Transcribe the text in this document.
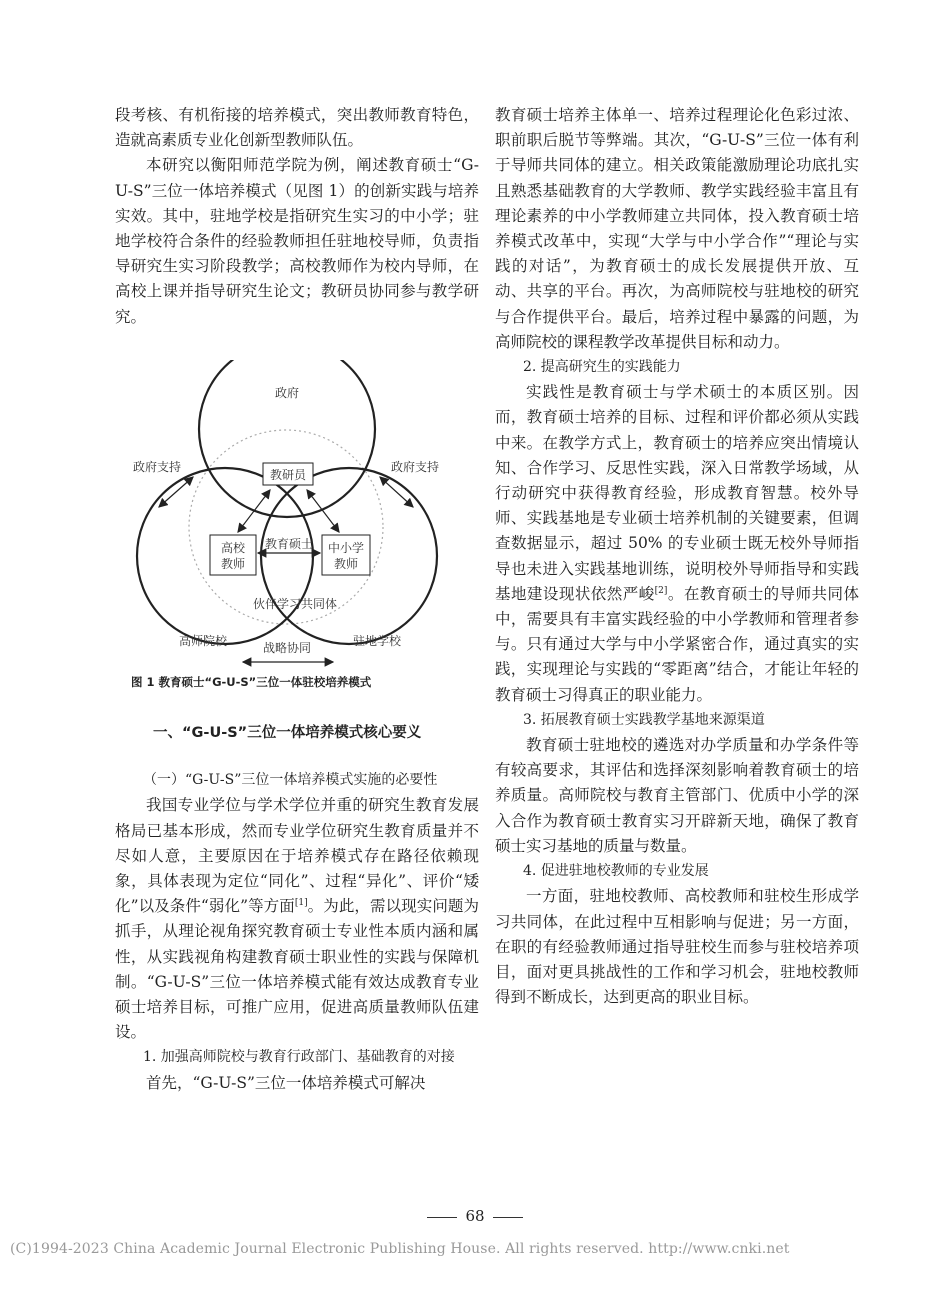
段考核、有机衔接的培养模式，突出教师教育特色，造就高素质专业化创新型教师队伍。

本研究以衡阳师范学院为例，阐述教育硕士“G-U-S”三位一体培养模式（见图 1）的创新实践与培养实效。其中，驻地学校是指研究生实习的中小学；驻地学校符合条件的经验教师担任驻地校导师，负责指导研究生实习阶段教学；高校教师作为校内导师，在高校上课并指导研究生论文；教研员协同参与教学研究。

政府
政府支持	政府支持
教研员
高校
教师
中小学
教师
教育硕士
伙伴学习共同体
高师院校	驻地学校
战略协同

图 1 教育硕士“G-U-S”三位一体驻校培养模式

一、“G-U-S”三位一体培养模式核心要义

（一）“G-U-S”三位一体培养模式实施的必要性

我国专业学位与学术学位并重的研究生教育发展格局已基本形成，然而专业学位研究生教育质量并不尽如人意，主要原因在于培养模式存在路径依赖现象，具体表现为定位“同化”、过程“异化”、评价“矮化”以及条件“弱化”等方面[1]。为此，需以现实问题为抓手，从理论视角探究教育硕士专业性本质内涵和属性，从实践视角构建教育硕士职业性的实践与保障机制。“G-U-S”三位一体培养模式能有效达成教育专业硕士培养目标，可推广应用，促进高质量教师队伍建设。

1. 加强高师院校与教育行政部门、基础教育的对接

首先，“G-U-S”三位一体培养模式可解决

教育硕士培养主体单一、培养过程理论化色彩过浓、职前职后脱节等弊端。其次，“G-U-S”三位一体有利于导师共同体的建立。相关政策能激励理论功底扎实且熟悉基础教育的大学教师、教学实践经验丰富且有理论素养的中小学教师建立共同体，投入教育硕士培养模式改革中，实现“大学与中小学合作”“理论与实践的对话”，为教育硕士的成长发展提供开放、互动、共享的平台。再次，为高师院校与驻地校的研究与合作提供平台。最后，培养过程中暴露的问题，为高师院校的课程教学改革提供目标和动力。

2. 提高研究生的实践能力

实践性是教育硕士与学术硕士的本质区别。因而，教育硕士培养的目标、过程和评价都必须从实践中来。在教学方式上，教育硕士的培养应突出情境认知、合作学习、反思性实践，深入日常教学场域，从行动研究中获得教育经验，形成教育智慧。校外导师、实践基地是专业硕士培养机制的关键要素，但调查数据显示，超过 50% 的专业硕士既无校外导师指导也未进入实践基地训练，说明校外导师指导和实践基地建设现状依然严峻[2]。在教育硕士的导师共同体中，需要具有丰富实践经验的中小学教师和管理者参与。只有通过大学与中小学紧密合作，通过真实的实践，实现理论与实践的“零距离”结合，才能让年轻的教育硕士习得真正的职业能力。

3. 拓展教育硕士实践教学基地来源渠道

教育硕士驻地校的遴选对办学质量和办学条件等有较高要求，其评估和选择深刻影响着教育硕士的培养质量。高师院校与教育主管部门、优质中小学的深入合作为教育硕士教育实习开辟新天地，确保了教育硕士实习基地的质量与数量。

4. 促进驻地校教师的专业发展

一方面，驻地校教师、高校教师和驻校生形成学习共同体，在此过程中互相影响与促进；另一方面，在职的有经验教师通过指导驻校生而参与驻校培养项目，面对更具挑战性的工作和学习机会，驻地校教师得到不断成长，达到更高的职业目标。

68
(C)1994-2023 China Academic Journal Electronic Publishing House. All rights reserved. http://www.cnki.net
